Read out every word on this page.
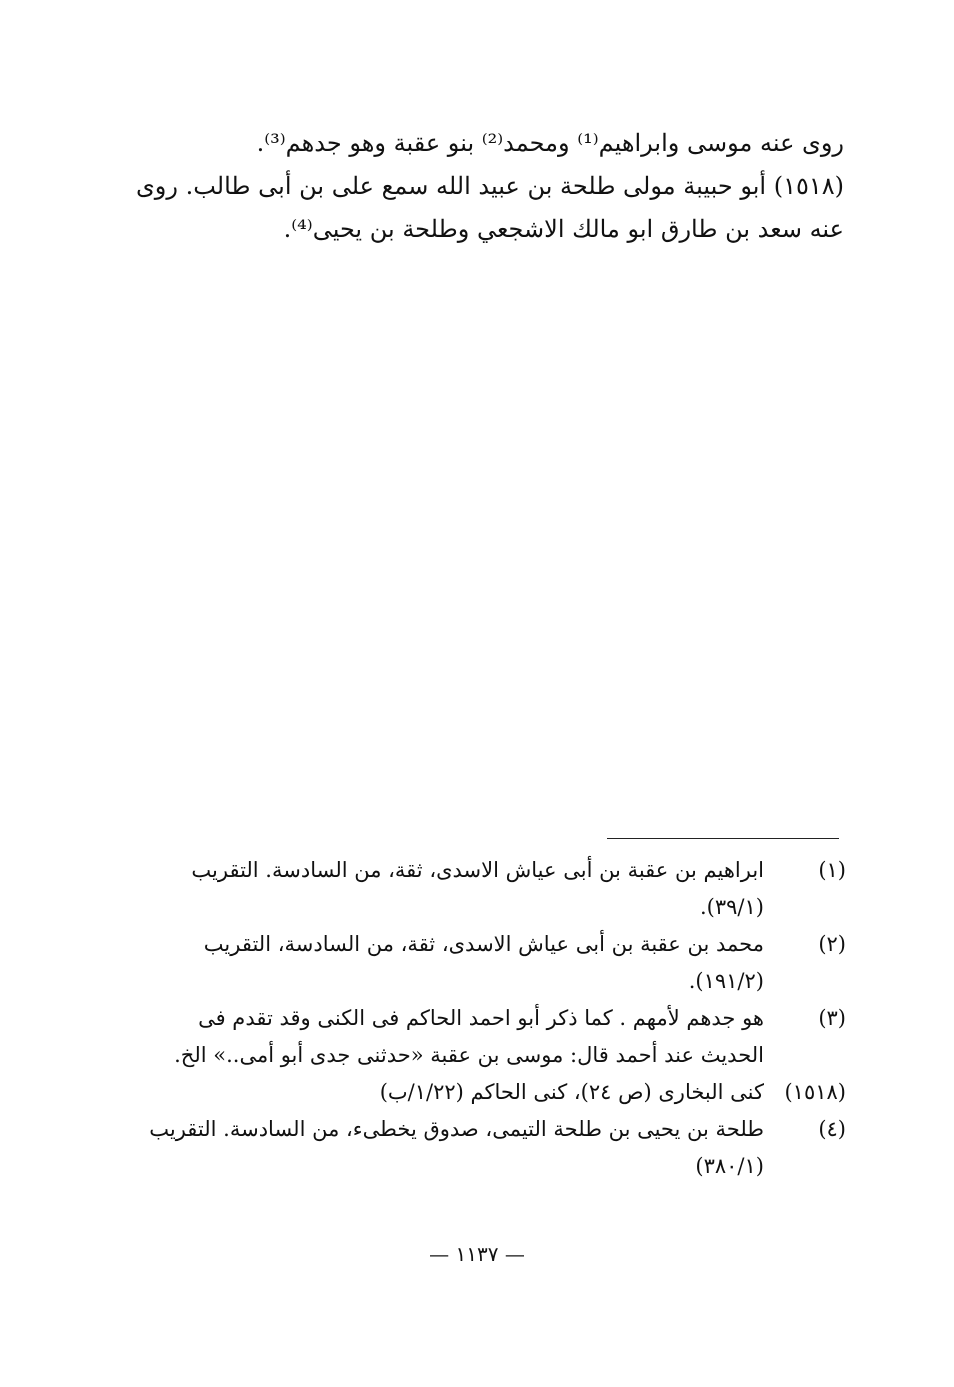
روى عنه موسى وابراهيم⁽¹⁾ ومحمد⁽²⁾ بنو عقبة وهو جدهم⁽³⁾.
(١٥١٨) أبو حبيبة مولى طلحة بن عبيد الله سمع على بن أبى طالب. روى
عنه سعد بن طارق ابو مالك الاشجعي وطلحة بن يحيى⁽⁴⁾.
(١)
ابراهيم بن عقبة بن أبى عياش الاسدى، ثقة، من السادسة. التقريب
(٣٩/١).
(٢)
محمد بن عقبة بن أبى عياش الاسدى، ثقة، من السادسة، التقريب
(١٩١/٢).
(٣)
هو جدهم لأمهم . كما ذكر أبو احمد الحاكم فى الكنى وقد تقدم فى
الحديث عند أحمد قال: موسى بن عقبة «حدثنى جدى أبو أمى..» الخ.
(١٥١٨)
كنى البخارى (ص ٢٤)، كنى الحاكم (١/٢٢/ب)
(٤)
طلحة بن يحيى بن طلحة التيمى، صدوق يخطىء، من السادسة. التقريب
(٣٨٠/١)
— ١١٣٧ —
